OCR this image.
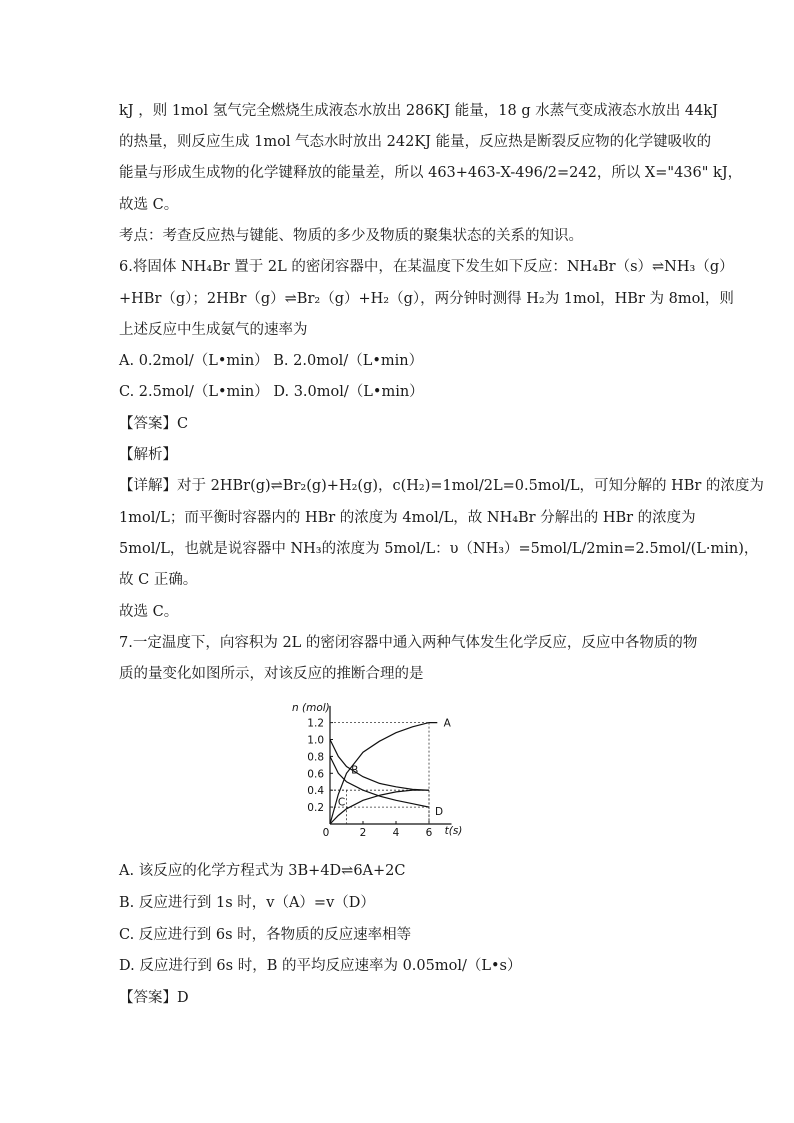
kJ ，则 1mol 氢气完全燃烧生成液态水放出 286KJ 能量，18 g 水蒸气变成液态水放出 44kJ
的热量，则反应生成 1mol 气态水时放出 242KJ 能量，反应热是断裂反应物的化学键吸收的
能量与形成生成物的化学键释放的能量差，所以 463+463-X-496/2=242，所以 X="436" kJ，
故选 C。
考点：考查反应热与键能、物质的多少及物质的聚集状态的关系的知识。
6.将固体 NH₄Br 置于 2L 的密闭容器中，在某温度下发生如下反应：NH₄Br（s）⇌NH₃（g）
+HBr（g）；2HBr（g）⇌Br₂（g）+H₂（g），两分钟时测得 H₂为 1mol，HBr 为 8mol，则
上述反应中生成氨气的速率为
A. 0.2mol/（L•min） B. 2.0mol/（L•min）
C. 2.5mol/（L•min） D. 3.0mol/（L•min）
【答案】C
【解析】
【详解】对于 2HBr(g)⇌Br₂(g)+H₂(g)，c(H₂)=1mol/2L=0.5mol/L，可知分解的 HBr 的浓度为
1mol/L；而平衡时容器内的 HBr 的浓度为 4mol/L，故 NH₄Br 分解出的 HBr 的浓度为
5mol/L，也就是说容器中 NH₃的浓度为 5mol/L：υ（NH₃）=5mol/L/2min=2.5mol/(L·min)，
故 C 正确。
故选 C。
7.一定温度下，向容积为 2L 的密闭容器中通入两种气体发生化学反应，反应中各物质的物
质的量变化如图所示，对该反应的推断合理的是
0.2
0.4
0.6
0.8
1.0
1.2
2	4	6
0
n (mol)
t(s)
A
B
C
D
A. 该反应的化学方程式为 3B+4D⇌6A+2C
B. 反应进行到 1s 时，v（A）=v（D）
C. 反应进行到 6s 时，各物质的反应速率相等
D. 反应进行到 6s 时，B 的平均反应速率为 0.05mol/（L•s）
【答案】D
